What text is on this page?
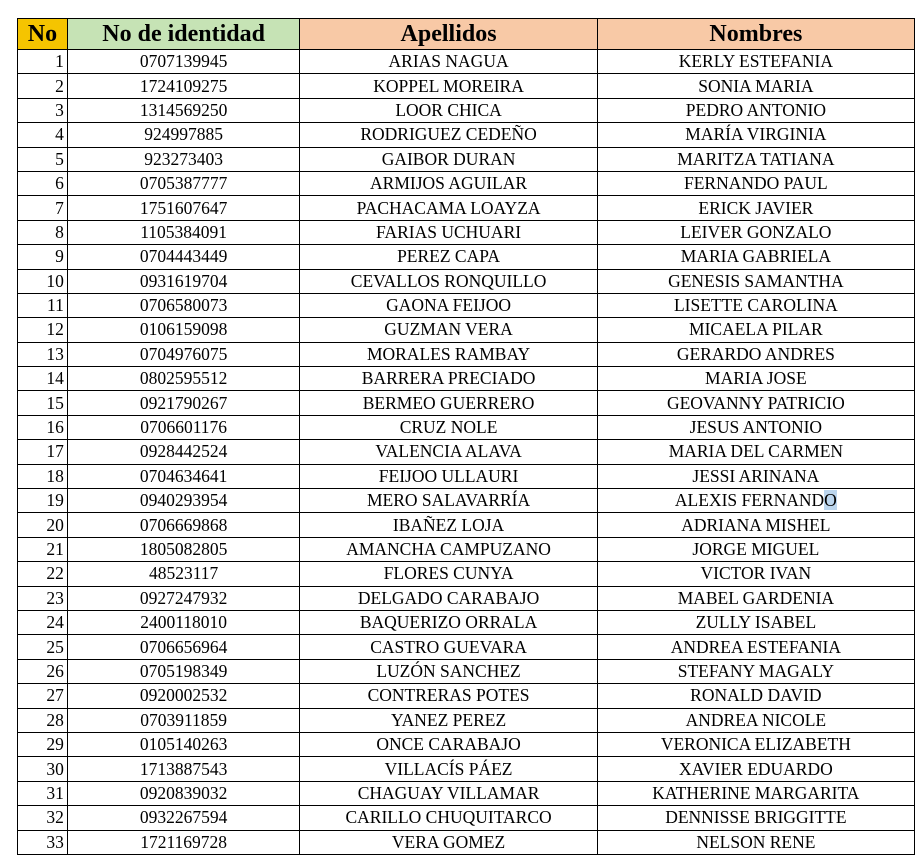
No	No de identidad	Apellidos	Nombres
1	0707139945	ARIAS NAGUA	KERLY ESTEFANIA
2	1724109275	KOPPEL MOREIRA	SONIA MARIA
3	1314569250	LOOR CHICA	PEDRO ANTONIO
4	924997885	RODRIGUEZ CEDEÑO	MARÍA VIRGINIA
5	923273403	GAIBOR DURAN	MARITZA TATIANA
6	0705387777	ARMIJOS AGUILAR	FERNANDO PAUL
7	1751607647	PACHACAMA LOAYZA	ERICK JAVIER
8	1105384091	FARIAS UCHUARI	LEIVER GONZALO
9	0704443449	PEREZ CAPA	MARIA GABRIELA
10	0931619704	CEVALLOS RONQUILLO	GENESIS SAMANTHA
11	0706580073	GAONA FEIJOO	LISETTE CAROLINA
12	0106159098	GUZMAN VERA	MICAELA PILAR
13	0704976075	MORALES RAMBAY	GERARDO ANDRES
14	0802595512	BARRERA PRECIADO	MARIA JOSE
15	0921790267	BERMEO GUERRERO	GEOVANNY PATRICIO
16	0706601176	CRUZ NOLE	JESUS ANTONIO
17	0928442524	VALENCIA ALAVA	MARIA DEL CARMEN
18	0704634641	FEIJOO ULLAURI	JESSI ARINANA
19	0940293954	MERO SALAVARRÍA	ALEXIS FERNANDO
20	0706669868	IBAÑEZ LOJA	ADRIANA MISHEL
21	1805082805	AMANCHA CAMPUZANO	JORGE MIGUEL
22	48523117	FLORES CUNYA	VICTOR IVAN
23	0927247932	DELGADO CARABAJO	MABEL GARDENIA
24	2400118010	BAQUERIZO ORRALA	ZULLY ISABEL
25	0706656964	CASTRO GUEVARA	ANDREA ESTEFANIA
26	0705198349	LUZÓN SANCHEZ	STEFANY MAGALY
27	0920002532	CONTRERAS POTES	RONALD DAVID
28	0703911859	YANEZ PEREZ	ANDREA NICOLE
29	0105140263	ONCE CARABAJO	VERONICA ELIZABETH
30	1713887543	VILLACÍS PÁEZ	XAVIER EDUARDO
31	0920839032	CHAGUAY VILLAMAR	KATHERINE MARGARITA
32	0932267594	CARILLO CHUQUITARCO	DENNISSE BRIGGITTE
33	1721169728	VERA GOMEZ	NELSON RENE
